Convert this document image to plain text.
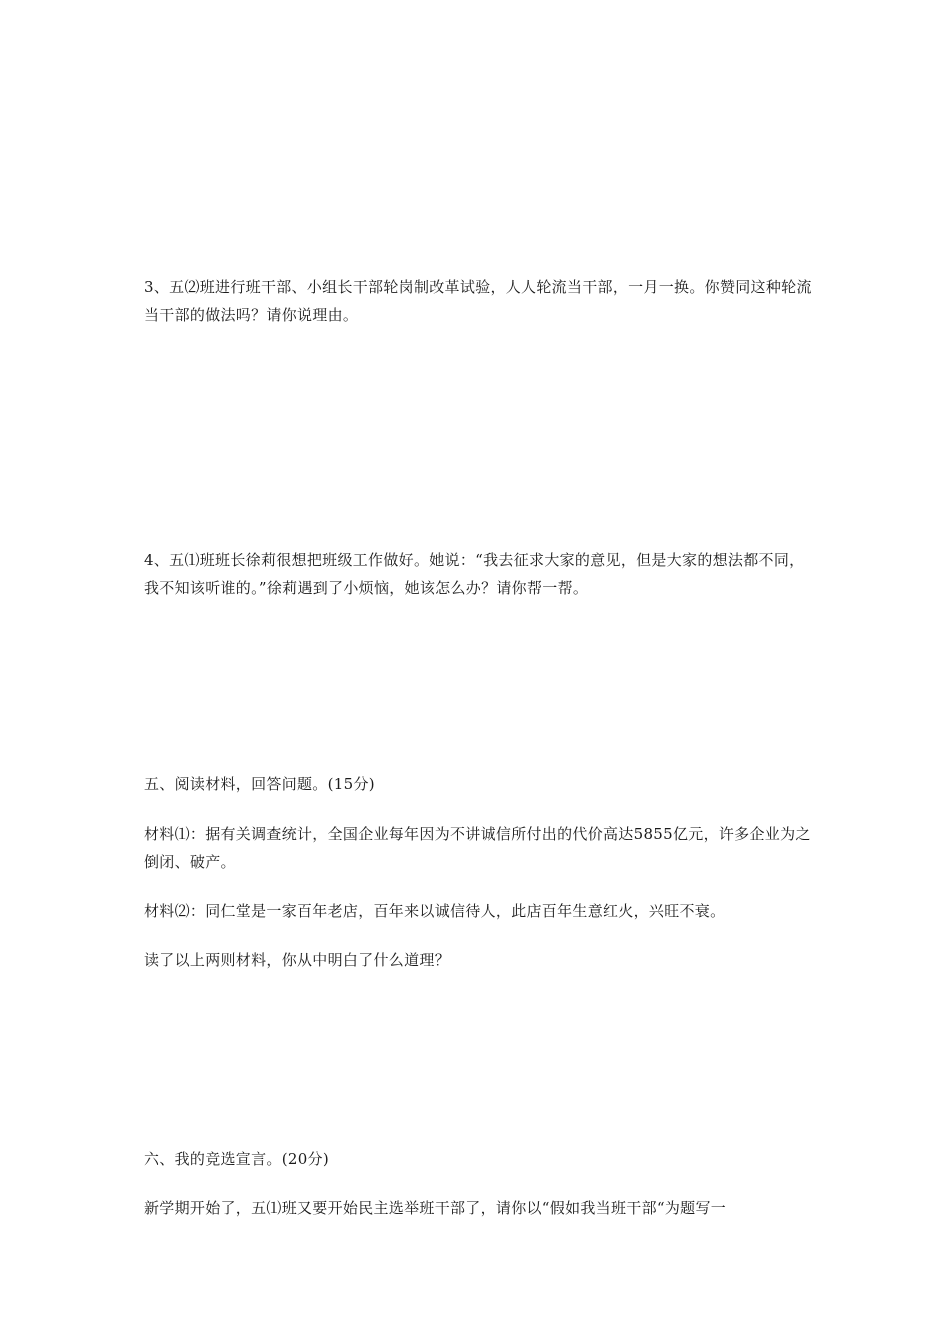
3、五⑵班进行班干部、小组长干部轮岗制改革试验，人人轮流当干部，一月一换。你赞同这种轮流当干部的做法吗？请你说理由。

4、五⑴班班长徐莉很想把班级工作做好。她说：“我去征求大家的意见，但是大家的想法都不同，我不知该听谁的。”徐莉遇到了小烦恼，她该怎么办？请你帮一帮。

五、阅读材料，回答问题。(15分)

材料⑴：据有关调查统计，全国企业每年因为不讲诚信所付出的代价高达5855亿元，许多企业为之倒闭、破产。

材料⑵：同仁堂是一家百年老店，百年来以诚信待人，此店百年生意红火，兴旺不衰。

读了以上两则材料，你从中明白了什么道理？

六、我的竞选宣言。(20分)

新学期开始了，五⑴班又要开始民主选举班干部了，请你以“假如我当班干部“为题写一
